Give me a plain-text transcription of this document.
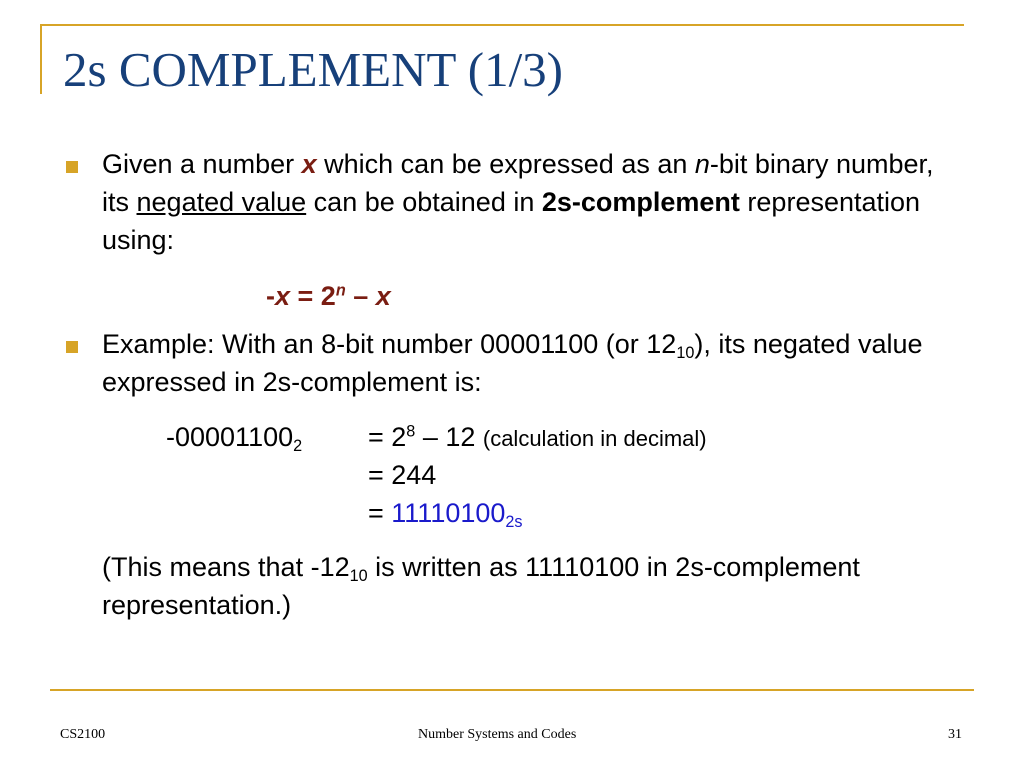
2s COMPLEMENT (1/3)
Given a number x which can be expressed as an n-bit binary number, its negated value can be obtained in 2s-complement representation using:
$-x = 2^n - x$
Example: With an 8-bit number 00001100 (or $12_{10}$), its negated value expressed in 2s-complement is:
$-00001100_2 = 2^8 - 12$ (calculation in decimal)
= 244
= $11110100_{2s}$
(This means that $-12_{10}$ is written as 11110100 in 2s-complement representation.)
CS2100	Number Systems and Codes	31
